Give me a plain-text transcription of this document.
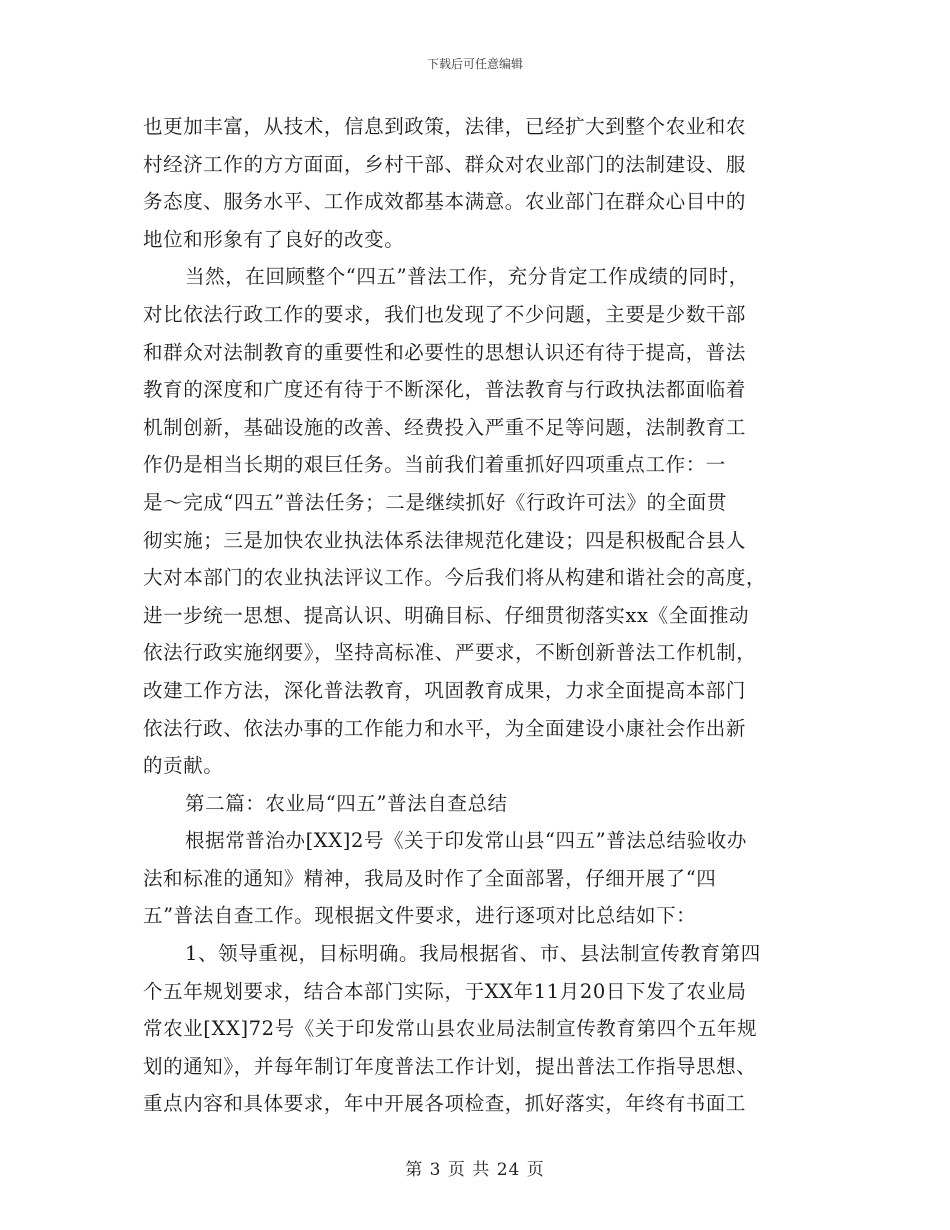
下载后可任意编辑
也更加丰富，从技术，信息到政策，法律，已经扩大到整个农业和农
村经济工作的方方面面，乡村干部、群众对农业部门的法制建设、服
务态度、服务水平、工作成效都基本满意。农业部门在群众心目中的
地位和形象有了良好的改变。
当然，在回顾整个“四五”普法工作，充分肯定工作成绩的同时，
对比依法行政工作的要求，我们也发现了不少问题，主要是少数干部
和群众对法制教育的重要性和必要性的思想认识还有待于提高，普法
教育的深度和广度还有待于不断深化，普法教育与行政执法都面临着
机制创新，基础设施的改善、经费投入严重不足等问题，法制教育工
作仍是相当长期的艰巨任务。当前我们着重抓好四项重点工作：一
是～完成“四五”普法任务；二是继续抓好《行政许可法》的全面贯
彻实施；三是加快农业执法体系法律规范化建设；四是积极配合县人
大对本部门的农业执法评议工作。今后我们将从构建和谐社会的高度，
进一步统一思想、提高认识、明确目标、仔细贯彻落实xx《全面推动
依法行政实施纲要》，坚持高标准、严要求，不断创新普法工作机制，
改建工作方法，深化普法教育，巩固教育成果，力求全面提高本部门
依法行政、依法办事的工作能力和水平，为全面建设小康社会作出新
的贡献。
第二篇：农业局“四五”普法自查总结
根据常普治办[XX]2号《关于印发常山县“四五”普法总结验收办
法和标准的通知》精神，我局及时作了全面部署，仔细开展了“四
五”普法自查工作。现根据文件要求，进行逐项对比总结如下：
1、领导重视，目标明确。我局根据省、市、县法制宣传教育第四
个五年规划要求，结合本部门实际，于XX年11月20日下发了农业局
常农业[XX]72号《关于印发常山县农业局法制宣传教育第四个五年规
划的通知》，并每年制订年度普法工作计划，提出普法工作指导思想、
重点内容和具体要求，年中开展各项检查，抓好落实，年终有书面工
第 3 页 共 24 页
